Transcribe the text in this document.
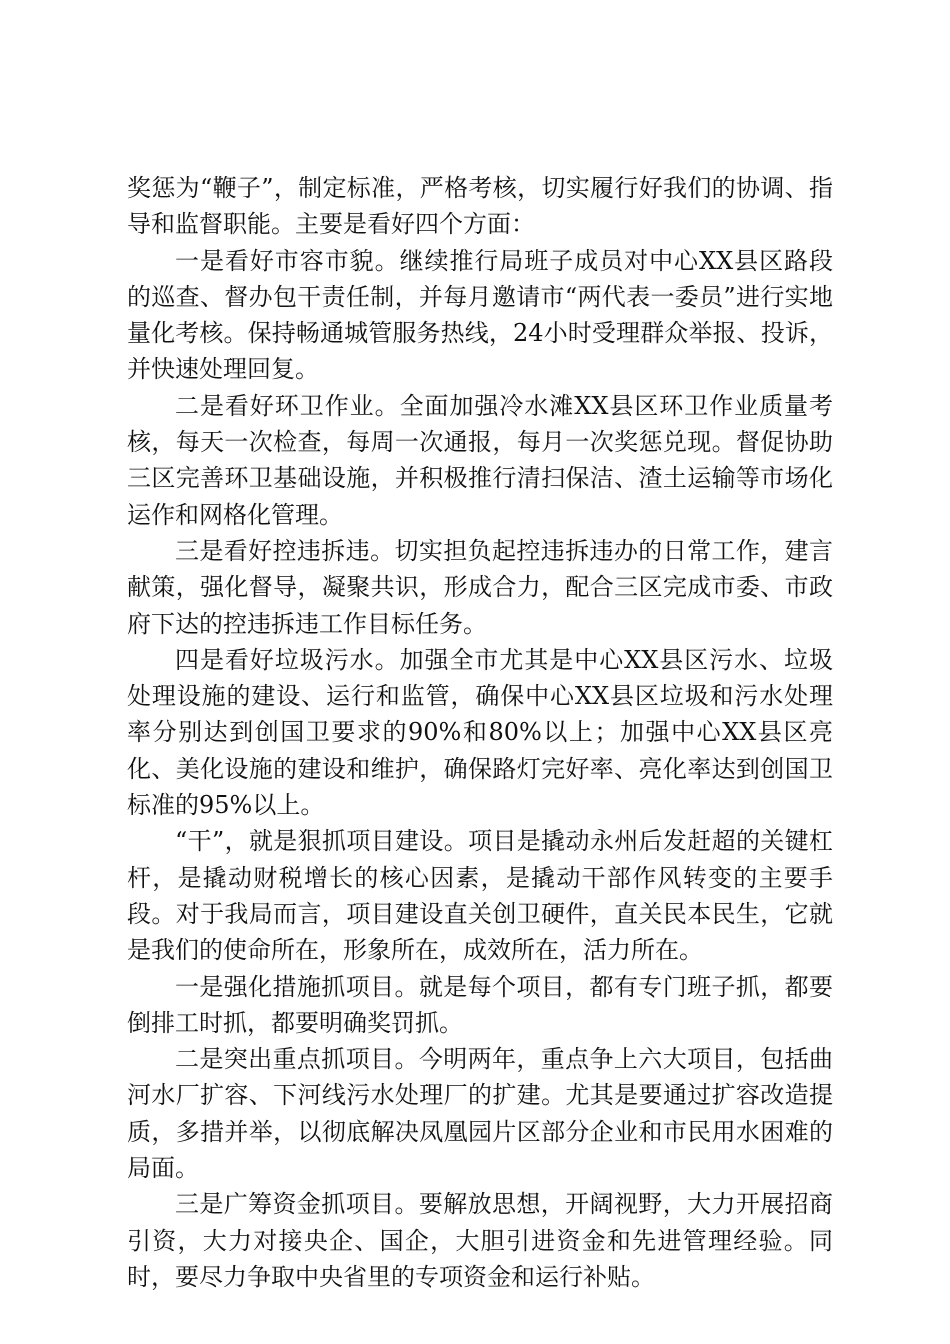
奖惩为“鞭子”，制定标准，严格考核，切实履行好我们的协调、指导和监督职能。主要是看好四个方面：

一是看好市容市貌。继续推行局班子成员对中心XX县区路段的巡查、督办包干责任制，并每月邀请市“两代表一委员”进行实地量化考核。保持畅通城管服务热线，24小时受理群众举报、投诉，并快速处理回复。

二是看好环卫作业。全面加强冷水滩XX县区环卫作业质量考核，每天一次检查，每周一次通报，每月一次奖惩兑现。督促协助三区完善环卫基础设施，并积极推行清扫保洁、渣土运输等市场化运作和网格化管理。

三是看好控违拆违。切实担负起控违拆违办的日常工作，建言献策，强化督导，凝聚共识，形成合力，配合三区完成市委、市政府下达的控违拆违工作目标任务。

四是看好垃圾污水。加强全市尤其是中心XX县区污水、垃圾处理设施的建设、运行和监管，确保中心XX县区垃圾和污水处理率分别达到创国卫要求的90%和80%以上；加强中心XX县区亮化、美化设施的建设和维护，确保路灯完好率、亮化率达到创国卫标准的95%以上。

“干”，就是狠抓项目建设。项目是撬动永州后发赶超的关键杠杆，是撬动财税增长的核心因素，是撬动干部作风转变的主要手段。对于我局而言，项目建设直关创卫硬件，直关民本民生，它就是我们的使命所在，形象所在，成效所在，活力所在。

一是强化措施抓项目。就是每个项目，都有专门班子抓，都要倒排工时抓，都要明确奖罚抓。

二是突出重点抓项目。今明两年，重点争上六大项目，包括曲河水厂扩容、下河线污水处理厂的扩建。尤其是要通过扩容改造提质，多措并举，以彻底解决凤凰园片区部分企业和市民用水困难的局面。

三是广筹资金抓项目。要解放思想，开阔视野，大力开展招商引资，大力对接央企、国企，大胆引进资金和先进管理经验。同时，要尽力争取中央省里的专项资金和运行补贴。
